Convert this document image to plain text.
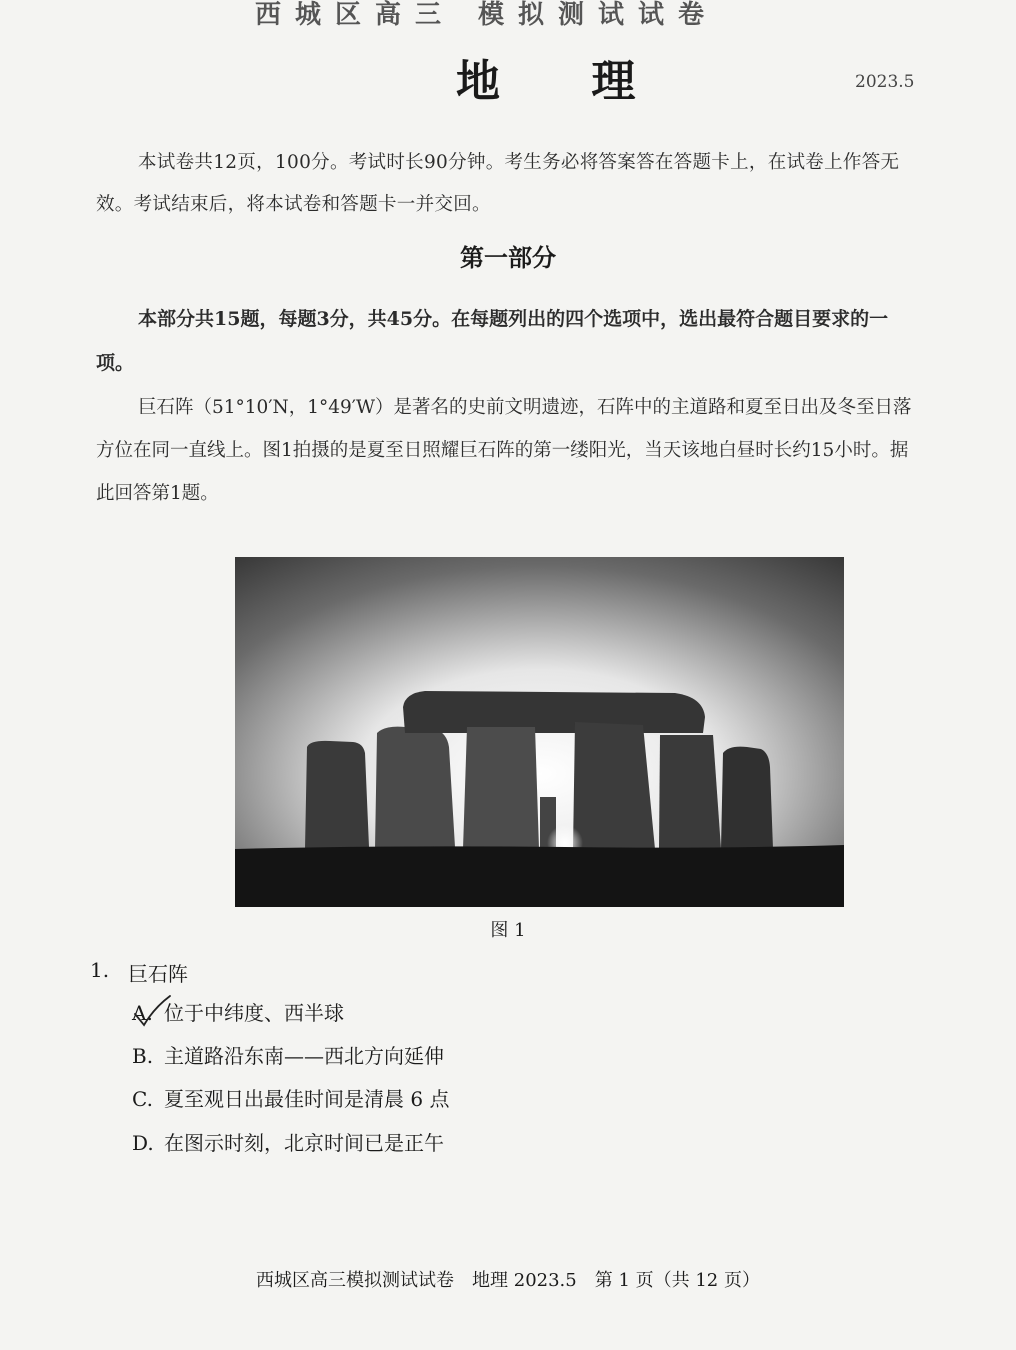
西城区高三 模拟测试试卷
地 理	2023.5
本试卷共12页，100分。考试时长90分钟。考生务必将答案答在答题卡上，在试卷上作答无效。考试结束后，将本试卷和答题卡一并交回。
第一部分
本部分共15题，每题3分，共45分。在每题列出的四个选项中，选出最符合题目要求的一项。
巨石阵（51°10′N，1°49′W）是著名的史前文明遗迹，石阵中的主道路和夏至日出及冬至日落方位在同一直线上。图1拍摄的是夏至日照耀巨石阵的第一缕阳光，当天该地白昼时长约15小时。据此回答第1题。
图 1
1. 巨石阵
A. 位于中纬度、西半球
B. 主道路沿东南——西北方向延伸
C. 夏至观日出最佳时间是清晨 6 点
D. 在图示时刻，北京时间已是正午
西城区高三模拟测试试卷　地理 2023.5　第 1 页（共 12 页）
